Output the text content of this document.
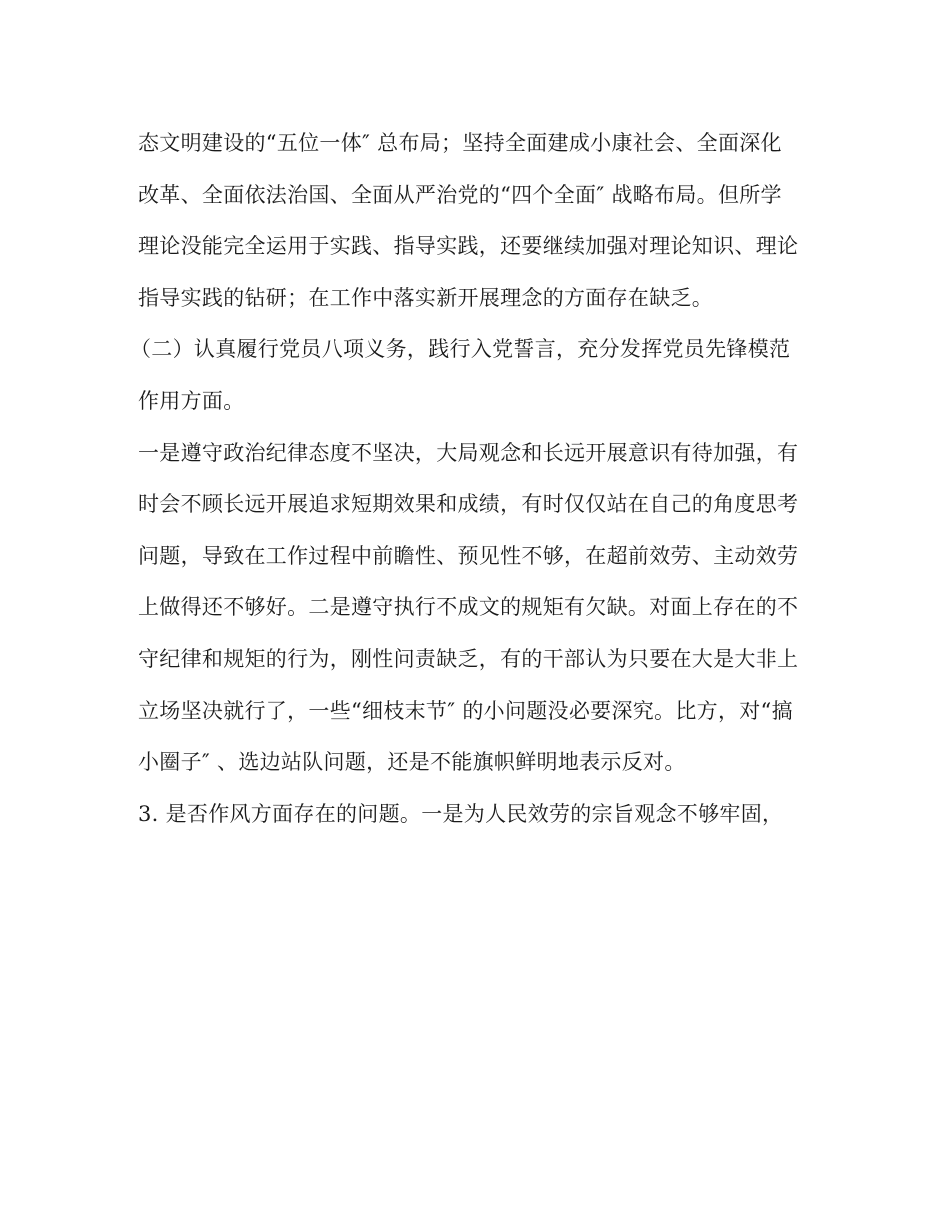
态文明建设的“五位一体″ 总布局；坚持全面建成小康社会、全面深化
改革、全面依法治国、全面从严治党的“四个全面″ 战略布局。但所学
理论没能完全运用于实践、指导实践，还要继续加强对理论知识、理论
指导实践的钻研；在工作中落实新开展理念的方面存在缺乏。
（二）认真履行党员八项义务，践行入党誓言，充分发挥党员先锋模范
作用方面。
一是遵守政治纪律态度不坚决，大局观念和长远开展意识有待加强，有
时会不顾长远开展追求短期效果和成绩，有时仅仅站在自己的角度思考
问题，导致在工作过程中前瞻性、预见性不够，在超前效劳、主动效劳
上做得还不够好。二是遵守执行不成文的规矩有欠缺。对面上存在的不
守纪律和规矩的行为，刚性问责缺乏，有的干部认为只要在大是大非上
立场坚决就行了，一些“细枝末节″ 的小问题没必要深究。比方，对“搞
小圈子″ 、选边站队问题，还是不能旗帜鲜明地表示反对。
3. 是否作风方面存在的问题。一是为人民效劳的宗旨观念不够牢固，
